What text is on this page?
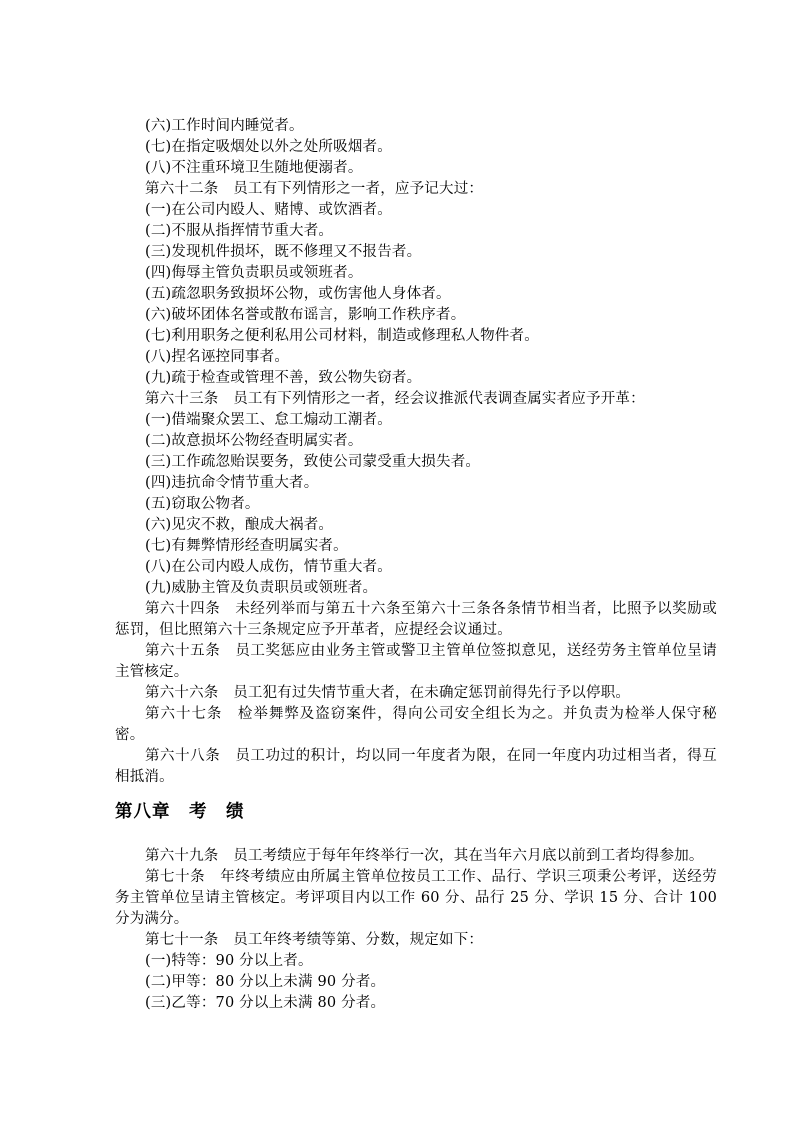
(六)工作时间内睡觉者。
(七)在指定吸烟处以外之处所吸烟者。
(八)不注重环境卫生随地便溺者。
第六十二条　员工有下列情形之一者，应予记大过：
(一)在公司内殴人、赌博、或饮酒者。
(二)不服从指挥情节重大者。
(三)发现机件损坏，既不修理又不报告者。
(四)侮辱主管负责职员或领班者。
(五)疏忽职务致损坏公物，或伤害他人身体者。
(六)破坏团体名誉或散布谣言，影响工作秩序者。
(七)利用职务之便利私用公司材料，制造或修理私人物件者。
(八)捏名诬控同事者。
(九)疏于检查或管理不善，致公物失窃者。
第六十三条　员工有下列情形之一者，经会议推派代表调查属实者应予开革：
(一)借端聚众罢工、怠工煽动工潮者。
(二)故意损坏公物经查明属实者。
(三)工作疏忽贻误要务，致使公司蒙受重大损失者。
(四)违抗命令情节重大者。
(五)窃取公物者。
(六)见灾不救，酿成大祸者。
(七)有舞弊情形经查明属实者。
(八)在公司内殴人成伤，情节重大者。
(九)威胁主管及负责职员或领班者。
第六十四条　未经列举而与第五十六条至第六十三条各条情节相当者，比照予以奖励或惩罚，但比照第六十三条规定应予开革者，应提经会议通过。
第六十五条　员工奖惩应由业务主管或警卫主管单位签拟意见，送经劳务主管单位呈请主管核定。
第六十六条　员工犯有过失情节重大者，在未确定惩罚前得先行予以停职。
第六十七条　检举舞弊及盗窃案件，得向公司安全组长为之。并负责为检举人保守秘密。
第六十八条　员工功过的积计，均以同一年度者为限，在同一年度内功过相当者，得互相抵消。
第八章　考　绩
第六十九条　员工考绩应于每年年终举行一次，其在当年六月底以前到工者均得参加。
第七十条　年终考绩应由所属主管单位按员工工作、品行、学识三项秉公考评，送经劳务主管单位呈请主管核定。考评项目内以工作 60 分、品行 25 分、学识 15 分、合计 100 分为满分。
第七十一条　员工年终考绩等第、分数，规定如下：
(一)特等：90 分以上者。
(二)甲等：80 分以上未满 90 分者。
(三)乙等：70 分以上未满 80 分者。
